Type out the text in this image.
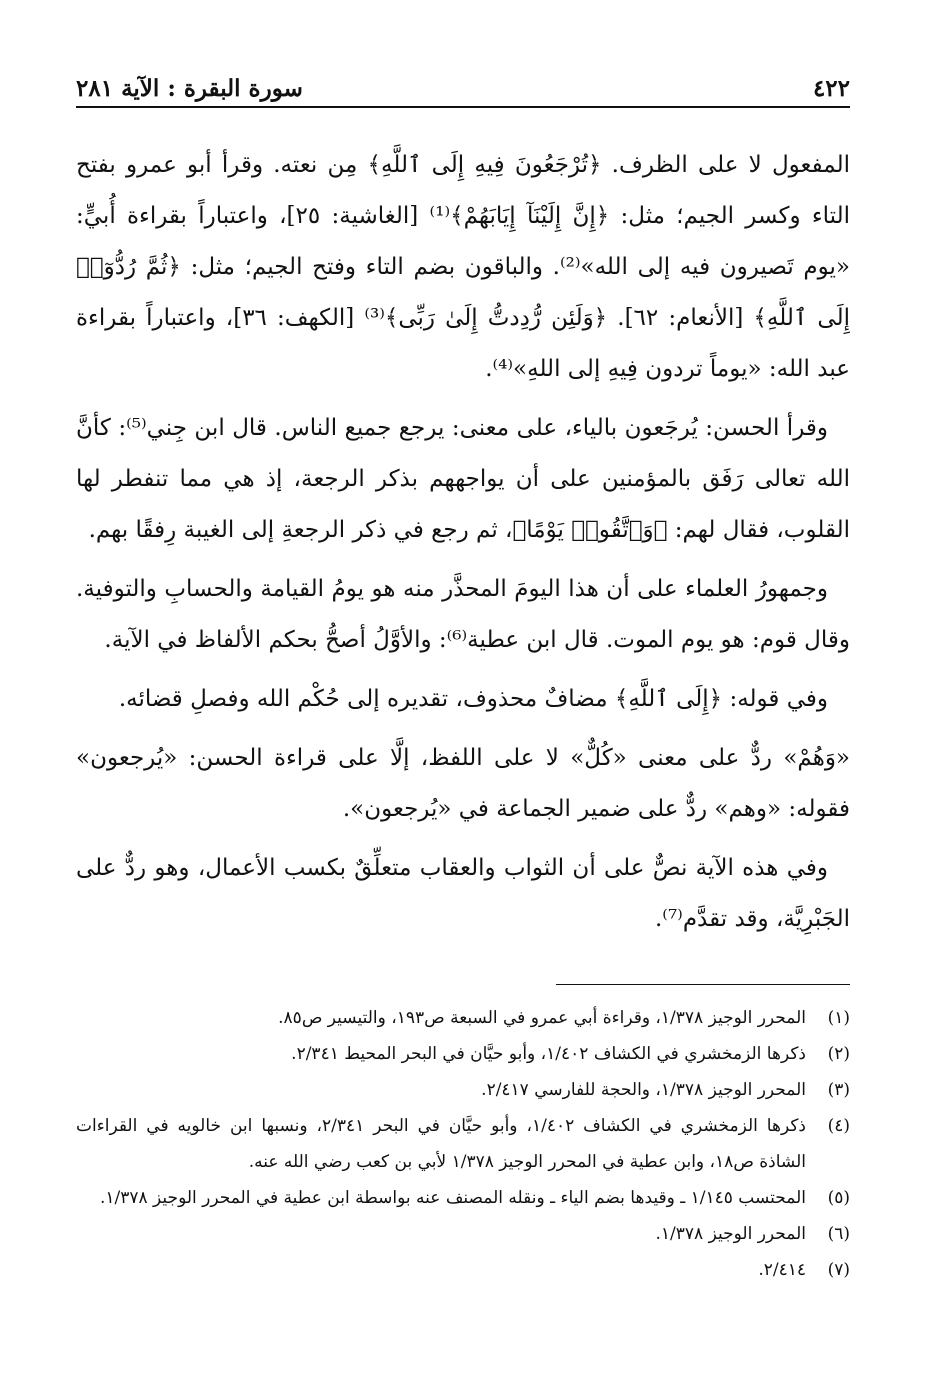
٤٢٢
سورة البقرة : الآية ٢٨١

المفعول لا على الظرف. ﴿تُرْجَعُونَ فِيهِ إِلَى ٱللَّهِ﴾ مِن نعته. وقرأ أبو عمرو بفتح التاء وكسر الجيم؛ مثل: ﴿إِنَّ إِلَيْنَآ إِيَابَهُمْ﴾⁽¹⁾ [الغاشية: ٢٥]، واعتباراً بقراءة أُبيٍّ: «يوم تَصيرون فيه إلى الله»⁽²⁾. والباقون بضم التاء وفتح الجيم؛ مثل: ﴿ثُمَّ رُدُّوٓا۟ إِلَى ٱللَّهِ﴾ [الأنعام: ٦٢]. ﴿وَلَئِن رُّدِدتُّ إِلَىٰ رَبِّى﴾⁽³⁾ [الكهف: ٣٦]، واعتباراً بقراءة عبد الله: «يوماً تردون فِيهِ إلى اللهِ»⁽⁴⁾.

وقرأ الحسن: يُرجَعون بالياء، على معنى: يرجع جميع الناس. قال ابن جِني⁽⁵⁾: كأنَّ الله تعالى رَفَق بالمؤمنين على أن يواجههم بذكر الرجعة، إذ هي مما تنفطر لها القلوب، فقال لهم: ﴿وَٱتَّقُوا۟ يَوْمًا﴾، ثم رجع في ذكر الرجعةِ إلى الغيبة رِفقًا بهم.

وجمهورُ العلماء على أن هذا اليومَ المحذَّر منه هو يومُ القيامة والحسابِ والتوفية. وقال قوم: هو يوم الموت. قال ابن عطية⁽⁶⁾: والأوَّلُ أصحُّ بحكم الألفاظ في الآية.

وفي قوله: ﴿إِلَى ٱللَّهِ﴾ مضافٌ محذوف، تقديره إلى حُكْم الله وفصلِ قضائه.

«وَهُمْ» ردٌّ على معنى «كُلٌّ» لا على اللفظ، إلَّا على قراءة الحسن: «يُرجعون» فقوله: «وهم» ردٌّ على ضمير الجماعة في «يُرجعون».

وفي هذه الآية نصٌّ على أن الثواب والعقاب متعلِّقٌ بكسب الأعمال، وهو ردٌّ على الجَبْرِيَّة، وقد تقدَّم⁽⁷⁾.

(١)
المحرر الوجيز ١/٣٧٨، وقراءة أبي عمرو في السبعة ص١٩٣، والتيسير ص٨٥.
(٢)
ذكرها الزمخشري في الكشاف ١/٤٠٢، وأبو حيَّان في البحر المحيط ٢/٣٤١.
(٣)
المحرر الوجيز ١/٣٧٨، والحجة للفارسي ٢/٤١٧.
(٤)
ذكرها الزمخشري في الكشاف ١/٤٠٢، وأبو حيَّان في البحر ٢/٣٤١، ونسبها ابن خالويه في القراءات الشاذة ص١٨، وابن عطية في المحرر الوجيز ١/٣٧٨ لأبي بن كعب رضي الله عنه.
(٥)
المحتسب ١/١٤٥ ـ وقيدها بضم الياء ـ ونقله المصنف عنه بواسطة ابن عطية في المحرر الوجيز ١/٣٧٨.
(٦)
المحرر الوجيز ١/٣٧٨.
(٧)
٢/٤١٤.
